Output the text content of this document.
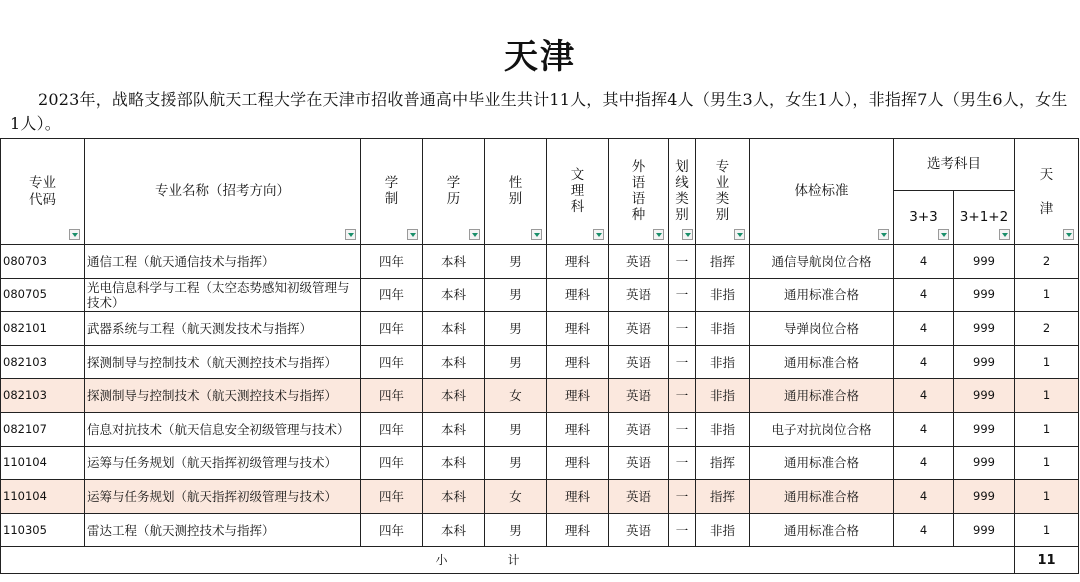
天津
2023年，战略支援部队航天工程大学在天津市招收普通高中毕业生共计11人，其中指挥4人（男生3人，女生1人），非指挥7人（男生6人，女生1人）。
专业代码	专业名称（招考方向）	学制	学历	性别	文理科	外语语种	划线类别	专业类别	体检标准	选考科目		天津

										3+3	3+1+2	

080703	通信工程（航天通信技术与指挥）	四年	本科	男	理科	英语	一	指挥	通信导航岗位合格	4	999	2
080705	光电信息科学与工程（太空态势感知初级管理与技术）	四年	本科	男	理科	英语	一	非指	通用标准合格	4	999	1
082101	武器系统与工程（航天测发技术与指挥）	四年	本科	男	理科	英语	一	非指	导弹岗位合格	4	999	2
082103	探测制导与控制技术（航天测控技术与指挥）	四年	本科	男	理科	英语	一	非指	通用标准合格	4	999	1
082103	探测制导与控制技术（航天测控技术与指挥）	四年	本科	女	理科	英语	一	非指	通用标准合格	4	999	1
082107	信息对抗技术（航天信息安全初级管理与技术）	四年	本科	男	理科	英语	一	非指	电子对抗岗位合格	4	999	1
110104	运筹与任务规划（航天指挥初级管理与技术）	四年	本科	男	理科	英语	一	指挥	通用标准合格	4	999	1
110104	运筹与任务规划（航天指挥初级管理与技术）	四年	本科	女	理科	英语	一	指挥	通用标准合格	4	999	1
110305	雷达工程（航天测控技术与指挥）	四年	本科	男	理科	英语	一	非指	通用标准合格	4	999	1
小计												11
